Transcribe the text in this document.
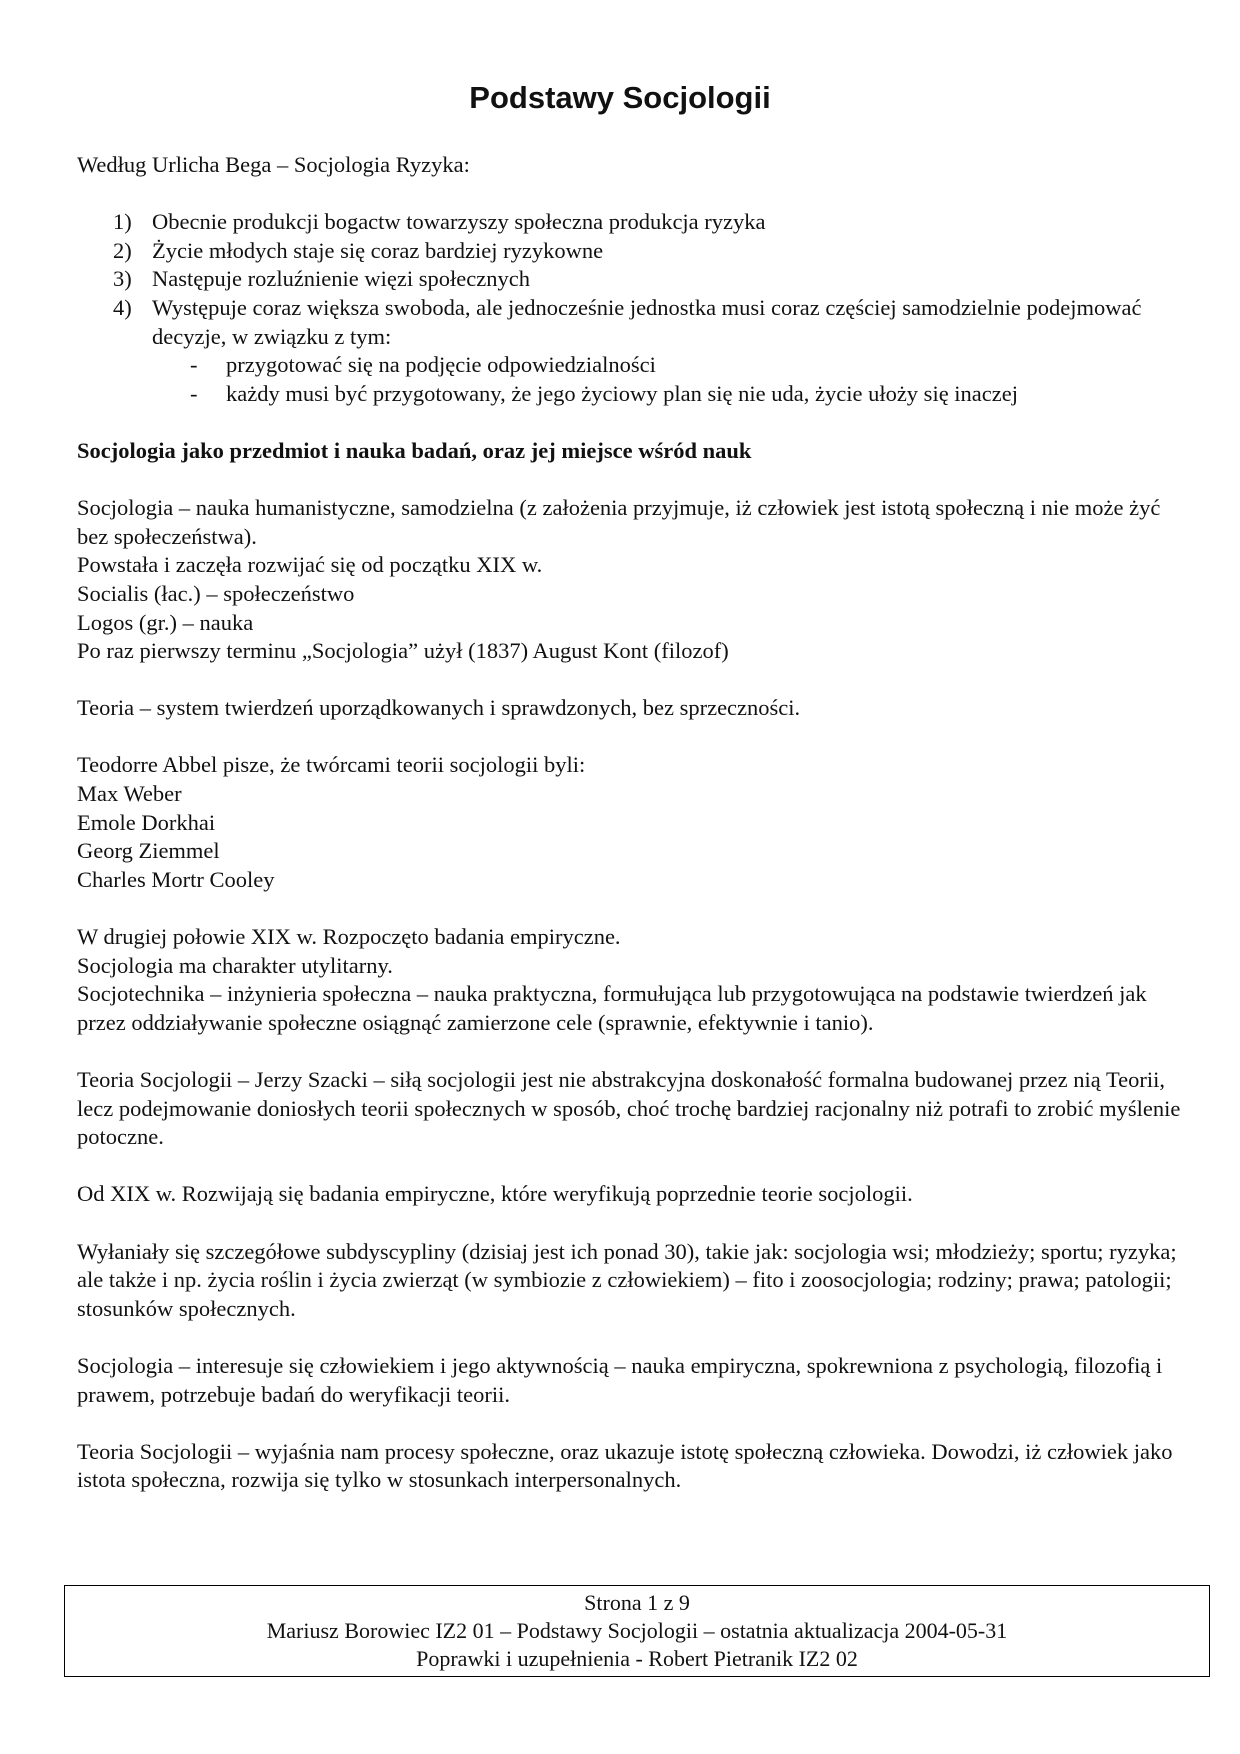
Podstawy Socjologii

Według Urlicha Bega – Socjologia Ryzyka:

1) Obecnie produkcji bogactw towarzyszy społeczna produkcja ryzyka
2) Życie młodych staje się coraz bardziej ryzykowne
3) Następuje rozluźnienie więzi społecznych
4) Występuje coraz większa swoboda, ale jednocześnie jednostka musi coraz częściej samodzielnie podejmować decyzje, w związku z tym:
- przygotować się na podjęcie odpowiedzialności
- każdy musi być przygotowany, że jego życiowy plan się nie uda, życie ułoży się inaczej

Socjologia jako przedmiot i nauka badań, oraz jej miejsce wśród nauk

Socjologia – nauka humanistyczne, samodzielna (z założenia przyjmuje, iż człowiek jest istotą społeczną i nie może żyć bez społeczeństwa).

Powstała i zaczęła rozwijać się od początku XIX w.

Socialis (łac.) – społeczeństwo

Logos (gr.) – nauka

Po raz pierwszy terminu „Socjologia” użył (1837) August Kont (filozof)

Teoria – system twierdzeń uporządkowanych i sprawdzonych, bez sprzeczności.

Teodorre Abbel pisze, że twórcami teorii socjologii byli:

Max Weber

Emole Dorkhai

Georg Ziemmel

Charles Mortr Cooley

W drugiej połowie XIX w. Rozpoczęto badania empiryczne.

Socjologia ma charakter utylitarny.

Socjotechnika – inżynieria społeczna – nauka praktyczna, formułująca lub przygotowująca na podstawie twierdzeń jak przez oddziaływanie społeczne osiągnąć zamierzone cele (sprawnie, efektywnie i tanio).

Teoria Socjologii – Jerzy Szacki – siłą socjologii jest nie abstrakcyjna doskonałość formalna budowanej przez nią Teorii, lecz podejmowanie doniosłych teorii społecznych w sposób, choć trochę bardziej racjonalny niż potrafi to zrobić myślenie potoczne.

Od XIX w. Rozwijają się badania empiryczne, które weryfikują poprzednie teorie socjologii.

Wyłaniały się szczegółowe subdyscypliny (dzisiaj jest ich ponad 30), takie jak: socjologia wsi; młodzieży; sportu; ryzyka; ale także i np. życia roślin i życia zwierząt (w symbiozie z człowiekiem) – fito i zoosocjologia; rodziny; prawa; patologii; stosunków społecznych.

Socjologia – interesuje się człowiekiem i jego aktywnością – nauka empiryczna, spokrewniona z psychologią, filozofią i prawem, potrzebuje badań do weryfikacji teorii.

Teoria Socjologii – wyjaśnia nam procesy społeczne, oraz ukazuje istotę społeczną człowieka. Dowodzi, iż człowiek jako istota społeczna, rozwija się tylko w stosunkach interpersonalnych.

Strona 1 z 9
Mariusz Borowiec IZ2 01 – Podstawy Socjologii – ostatnia aktualizacja 2004-05-31
Poprawki i uzupełnienia - Robert Pietranik IZ2 02
